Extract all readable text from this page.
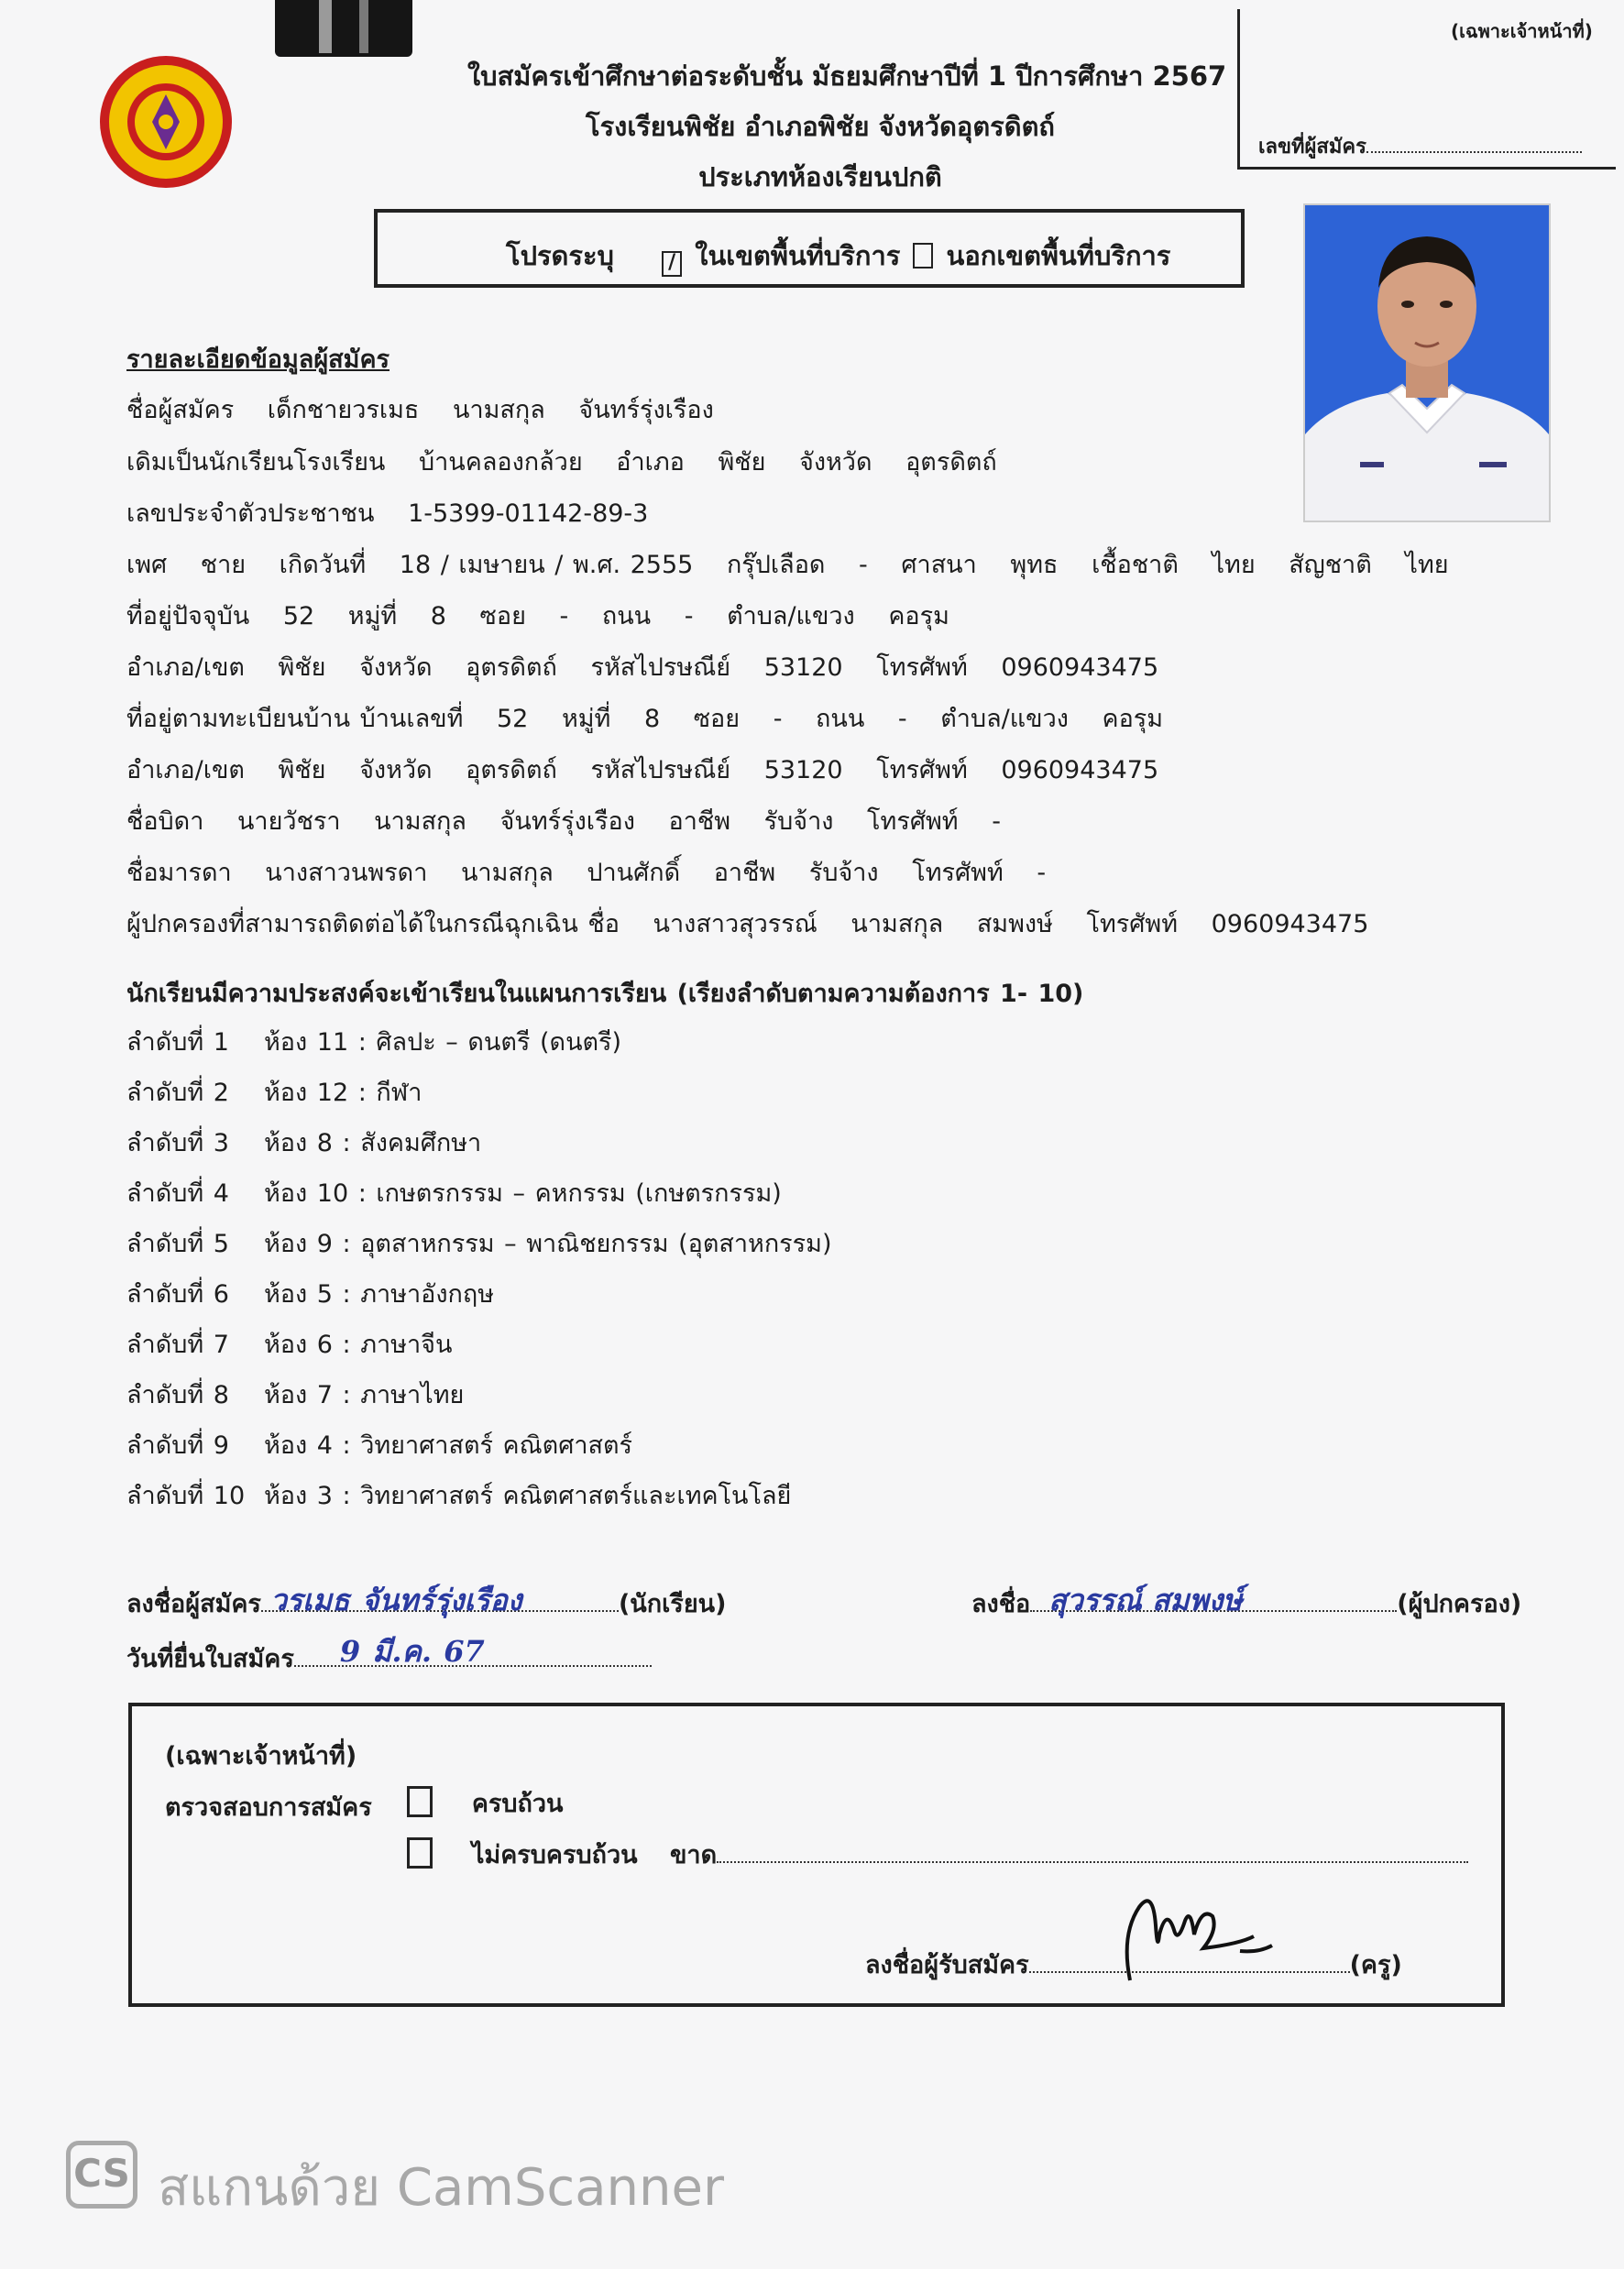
ใบสมัครเข้าศึกษาต่อระดับชั้น มัธยมศึกษาปีที่ 1 ปีการศึกษา 2567
โรงเรียนพิชัย อำเภอพิชัย จังหวัดอุตรดิตถ์
ประเภทห้องเรียนปกติ
(เฉพาะเจ้าหน้าที่)
เลขที่ผู้สมัคร
โปรดระบุ	/ ในเขตพื้นที่บริการ นอกเขตพื้นที่บริการ
รายละเอียดข้อมูลผู้สมัคร
ชื่อผู้สมัคร เด็กชายวรเมธ นามสกุล จันทร์รุ่งเรือง
เดิมเป็นนักเรียนโรงเรียน บ้านคลองกล้วย อำเภอ พิชัย จังหวัด อุตรดิตถ์
เลขประจำตัวประชาชน 1-5399-01142-89-3
เพศ ชาย เกิดวันที่ 18 / เมษายน / พ.ศ. 2555 กรุ๊ปเลือด - ศาสนา พุทธ เชื้อชาติ ไทย สัญชาติ ไทย
ที่อยู่ปัจจุบัน 52 หมู่ที่ 8 ซอย - ถนน - ตำบล/แขวง คอรุม
อำเภอ/เขต พิชัย จังหวัด อุตรดิตถ์ รหัสไปรษณีย์ 53120 โทรศัพท์ 0960943475
ที่อยู่ตามทะเบียนบ้าน บ้านเลขที่ 52 หมู่ที่ 8 ซอย - ถนน - ตำบล/แขวง คอรุม
อำเภอ/เขต พิชัย จังหวัด อุตรดิตถ์ รหัสไปรษณีย์ 53120 โทรศัพท์ 0960943475
ชื่อบิดา นายวัชรา นามสกุล จันทร์รุ่งเรือง อาชีพ รับจ้าง โทรศัพท์ -
ชื่อมารดา นางสาวนพรดา นามสกุล ปานศักดิ์ อาชีพ รับจ้าง โทรศัพท์ -
ผู้ปกครองที่สามารถติดต่อได้ในกรณีฉุกเฉิน ชื่อ นางสาวสุวรรณ์ นามสกุล สมพงษ์ โทรศัพท์ 0960943475
นักเรียนมีความประสงค์จะเข้าเรียนในแผนการเรียน (เรียงลำดับตามความต้องการ 1- 10)
ลำดับที่ 1 ห้อง 11 : ศิลปะ – ดนตรี (ดนตรี)
ลำดับที่ 2 ห้อง 12 : กีฬา
ลำดับที่ 3 ห้อง 8 : สังคมศึกษา
ลำดับที่ 4 ห้อง 10 : เกษตรกรรม – คหกรรม (เกษตรกรรม)
ลำดับที่ 5 ห้อง 9 : อุตสาหกรรม – พาณิชยกรรม (อุตสาหกรรม)
ลำดับที่ 6 ห้อง 5 : ภาษาอังกฤษ
ลำดับที่ 7 ห้อง 6 : ภาษาจีน
ลำดับที่ 8 ห้อง 7 : ภาษาไทย
ลำดับที่ 9 ห้อง 4 : วิทยาศาสตร์ คณิตศาสตร์
ลำดับที่ 10 ห้อง 3 : วิทยาศาสตร์ คณิตศาสตร์และเทคโนโลยี
ลงชื่อผู้สมัคร วรเมธ จันทร์รุ่งเรือง	(นักเรียน)	ลงชื่อ สุวรรณ์ สมพงษ์	(ผู้ปกครอง)
วันที่ยื่นใบสมัคร 9 มี.ค. 67
(เฉพาะเจ้าหน้าที่)
ตรวจสอบการสมัคร	ครบถ้วน
ไม่ครบครบถ้วน ขาด
ลงชื่อผู้รับสมัคร	(ครู)
CS สแกนด้วย CamScanner
